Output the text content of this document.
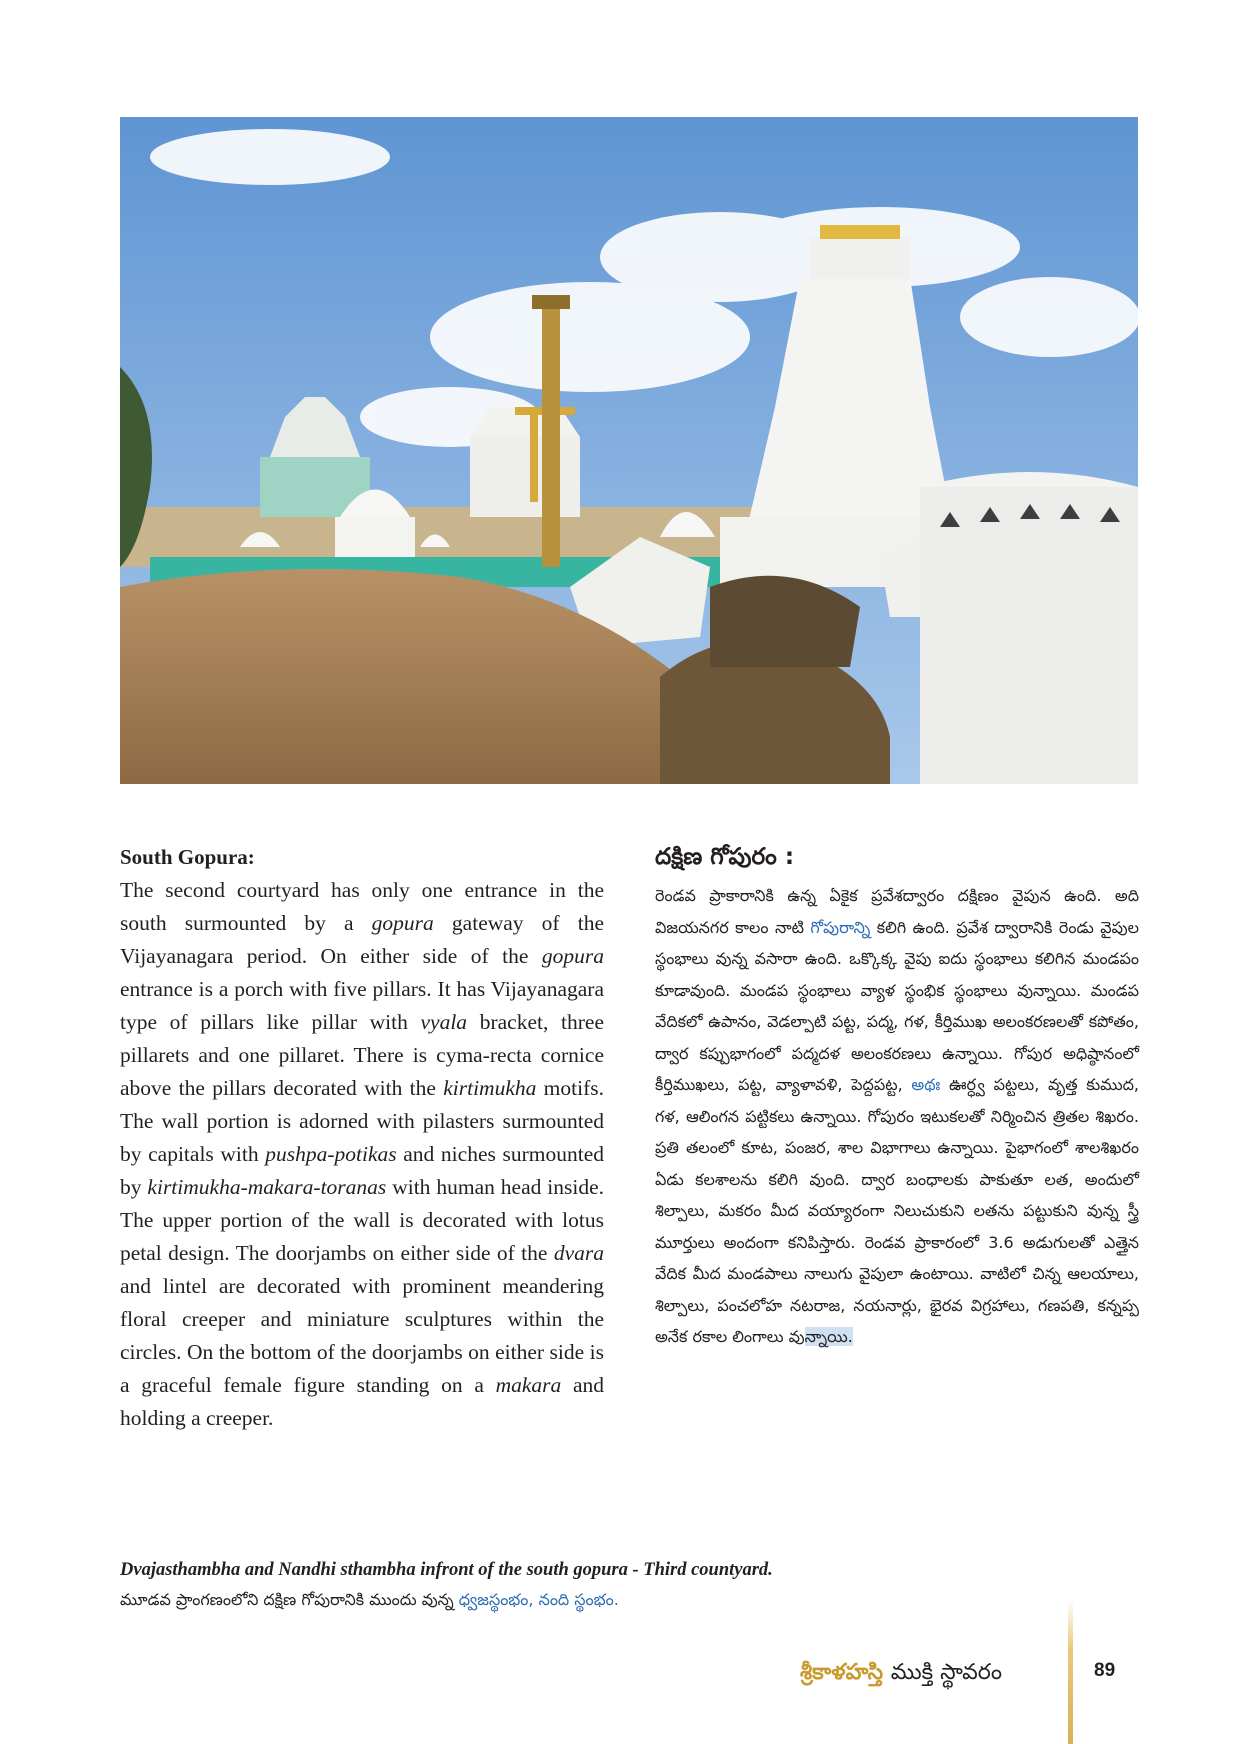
South Gopura:

The second courtyard has only one entrance in the south surmounted by a gopura gateway of the Vijayanagara period. On either side of the gopura entrance is a porch with five pillars. It has Vijayanagara type of pillars like pillar with vyala bracket, three pillarets and one pillaret. There is cyma-recta cornice above the pillars decorated with the kirtimukha motifs. The wall portion is adorned with pilasters surmounted by capitals with pushpa-potikas and niches surmounted by kirtimukha-makara-toranas with human head inside. The upper portion of the wall is decorated with lotus petal design. The doorjambs on either side of the dvara and lintel are decorated with prominent meandering floral creeper and miniature sculptures within the circles. On the bottom of the doorjambs on either side is a graceful female figure standing on a makara and holding a creeper.

దక్షిణ గోపురం :

రెండవ ప్రాకారానికి ఉన్న ఏకైక ప్రవేశద్వారం దక్షిణం వైపున ఉంది. అది విజయనగర కాలం నాటి గోపురాన్ని కలిగి ఉంది. ప్రవేశ ద్వారానికి రెండు వైపుల స్థంభాలు వున్న వసారా ఉంది. ఒక్కొక్క వైపు ఐదు స్థంభాలు కలిగిన మండపం కూడావుంది. మండప స్థంభాలు వ్యాళ స్థంభిక స్థంభాలు వున్నాయి. మండప వేదికలో ఉపానం, వెడల్పాటి పట్ట, పద్మ, గళ, కీర్తిముఖ అలంకరణలతో కపోతం, ద్వార కప్పుభాగంలో పద్మదళ అలంకరణలు ఉన్నాయి. గోపుర అధిష్ఠానంలో కీర్తిముఖలు, పట్ట, వ్యాళావళి, పెద్దపట్ట, అథః ఊర్ధ్వ పట్టలు, వృత్త కుముద, గళ, ఆలింగన పట్టికలు ఉన్నాయి. గోపురం ఇటుకలతో నిర్మించిన త్రితల శిఖరం. ప్రతి తలంలో కూట, పంజర, శాల విభాగాలు ఉన్నాయి. పైభాగంలో శాలశిఖరం ఏడు కలశాలను కలిగి వుంది. ద్వార బంధాలకు పాకుతూ లత, అందులో శిల్పాలు, మకరం మీద వయ్యారంగా నిలుచుకుని లతను పట్టుకుని వున్న స్త్రీ మూర్తులు అందంగా కనిపిస్తారు. రెండవ ప్రాకారంలో 3.6 అడుగులతో ఎత్తైన వేదిక మీద మండపాలు నాలుగు వైపులా ఉంటాయి. వాటిలో చిన్న ఆలయాలు, శిల్పాలు, పంచలోహ నటరాజ, నయనార్లు, భైరవ విగ్రహాలు, గణపతి, కన్నప్ప అనేక రకాల లింగాలు వున్నాయి.

Dvajasthambha and Nandhi sthambha infront of the south gopura - Third countyard.
మూడవ ప్రాంగణంలోని దక్షిణ గోపురానికి ముందు వున్న ధ్వజస్థంభం, నంది స్థంభం.
శ్రీకాళహస్తి ముక్తి స్థావరం	89
